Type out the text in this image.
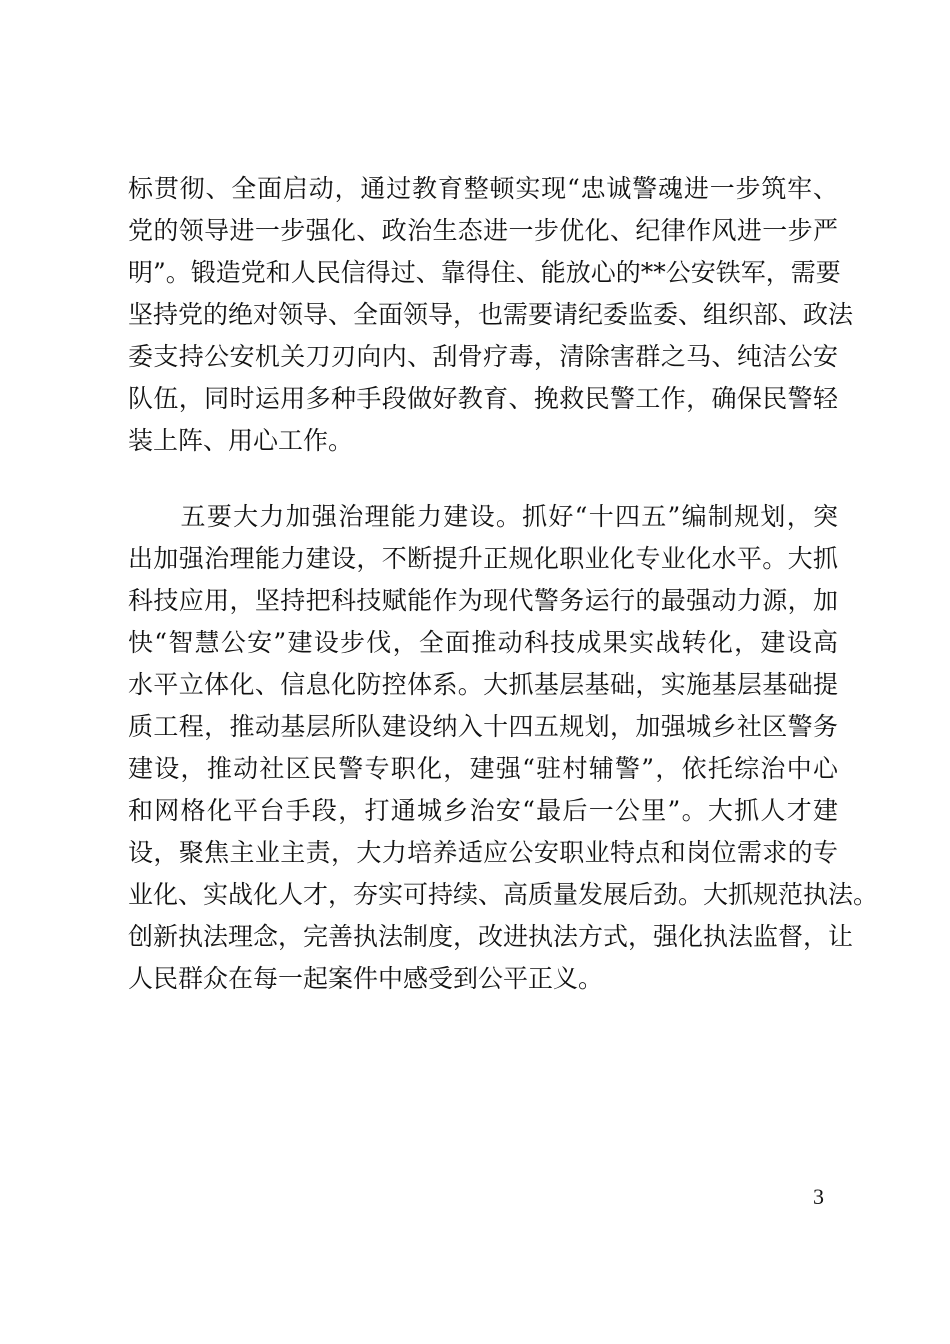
标贯彻、全面启动，通过教育整顿实现“忠诚警魂进一步筑牢、
党的领导进一步强化、政治生态进一步优化、纪律作风进一步严
明”。锻造党和人民信得过、靠得住、能放心的**公安铁军，需要
坚持党的绝对领导、全面领导，也需要请纪委监委、组织部、政法
委支持公安机关刀刃向内、刮骨疗毒，清除害群之马、纯洁公安
队伍，同时运用多种手段做好教育、挽救民警工作，确保民警轻
装上阵、用心工作。
　　五要大力加强治理能力建设。抓好“十四五”编制规划，突
出加强治理能力建设，不断提升正规化职业化专业化水平。大抓
科技应用，坚持把科技赋能作为现代警务运行的最强动力源，加
快“智慧公安”建设步伐，全面推动科技成果实战转化，建设高
水平立体化、信息化防控体系。大抓基层基础，实施基层基础提
质工程，推动基层所队建设纳入十四五规划，加强城乡社区警务
建设，推动社区民警专职化，建强“驻村辅警”，依托综治中心
和网格化平台手段，打通城乡治安“最后一公里”。大抓人才建
设，聚焦主业主责，大力培养适应公安职业特点和岗位需求的专
业化、实战化人才，夯实可持续、高质量发展后劲。大抓规范执法。
创新执法理念，完善执法制度，改进执法方式，强化执法监督，让
人民群众在每一起案件中感受到公平正义。
3
